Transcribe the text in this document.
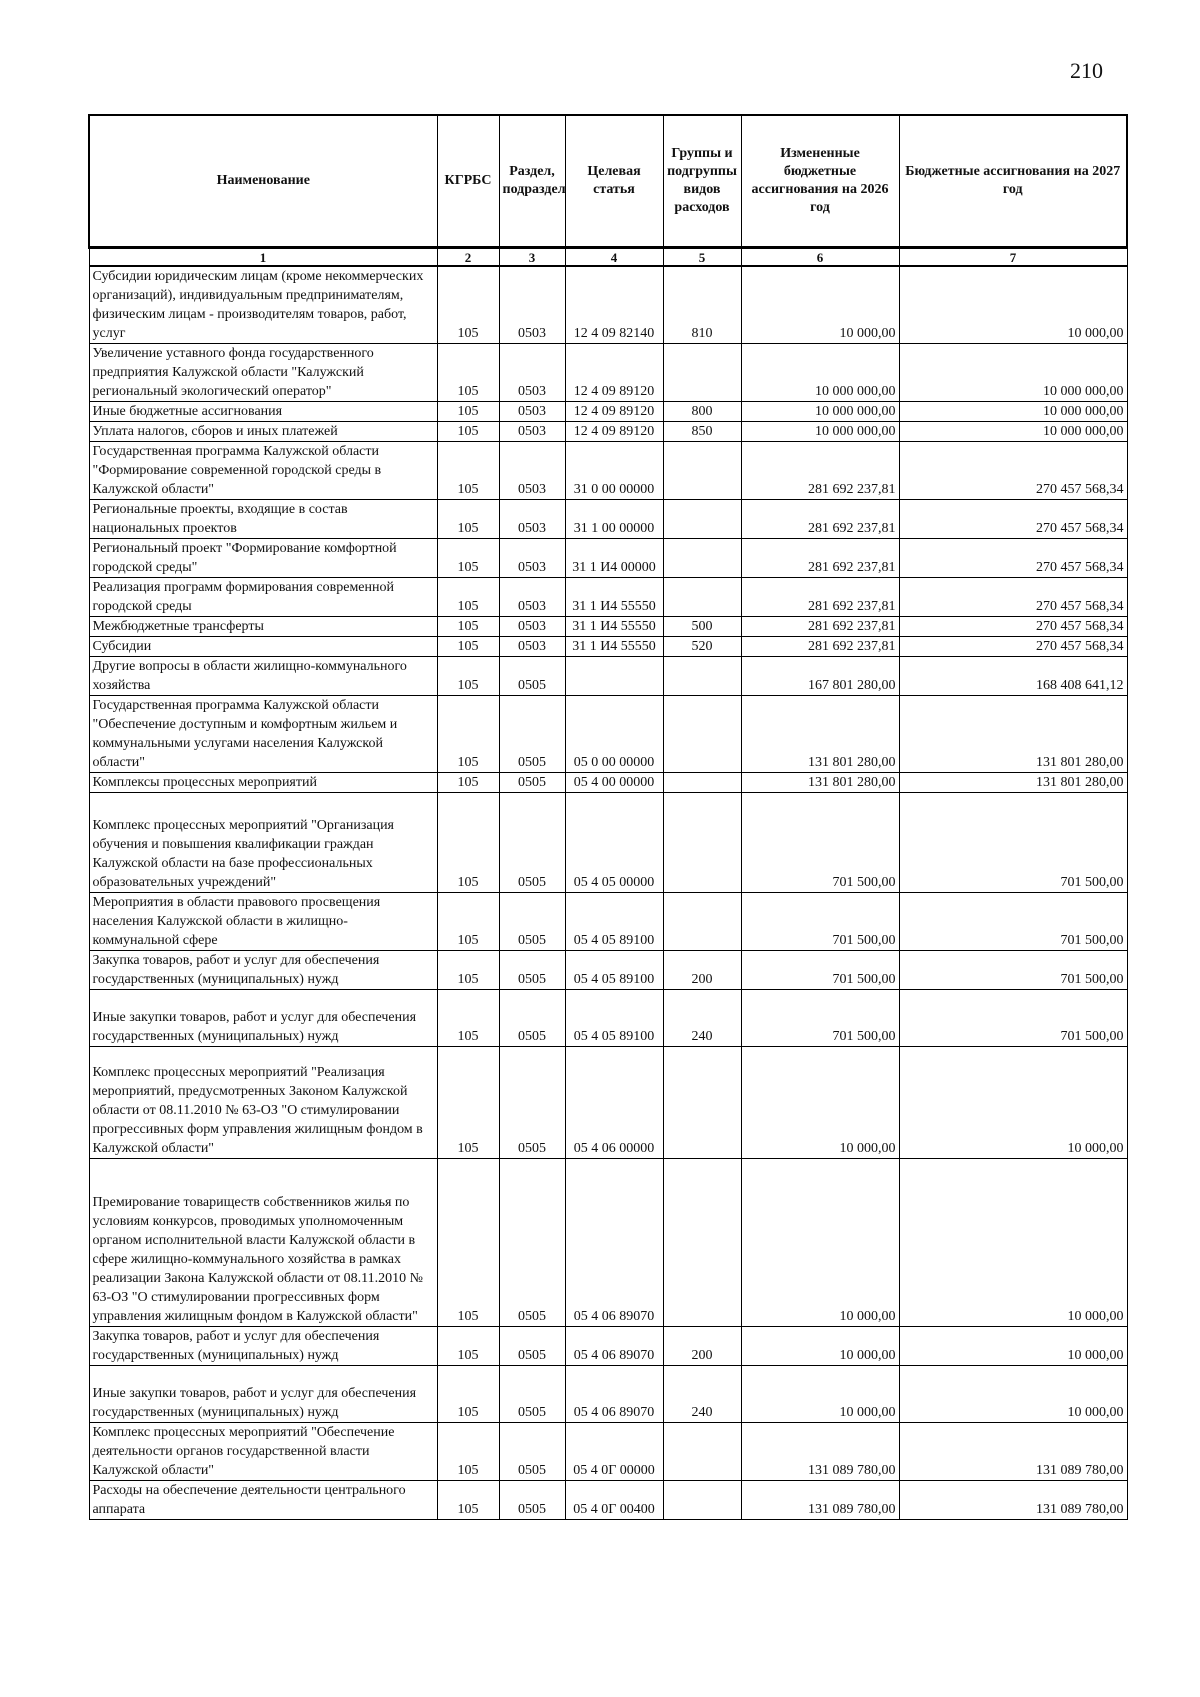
210
Наименование	КГРБС	Раздел, подраздел	Целевая статья	Группы и подгруппы видов расходов	Измененные бюджетные ассигнования на 2026 год	Бюджетные ассигнования на 2027 год
1	2	3	4	5	6	7
Субсидии юридическим лицам (кроме некоммерческих организаций), индивидуальным предпринимателям, физическим лицам - производителям товаров, работ, услуг	105	0503	12 4 09 82140	810	10 000,00	10 000,00
Увеличение уставного фонда государственного предприятия Калужской области "Калужский региональный экологический оператор"	105	0503	12 4 09 89120		10 000 000,00	10 000 000,00
Иные бюджетные ассигнования	105	0503	12 4 09 89120	800	10 000 000,00	10 000 000,00
Уплата налогов, сборов и иных платежей	105	0503	12 4 09 89120	850	10 000 000,00	10 000 000,00
Государственная программа Калужской области "Формирование современной городской среды в Калужской области"	105	0503	31 0 00 00000		281 692 237,81	270 457 568,34
Региональные проекты, входящие в состав национальных проектов	105	0503	31 1 00 00000		281 692 237,81	270 457 568,34
Региональный проект "Формирование комфортной городской среды"	105	0503	31 1 И4 00000		281 692 237,81	270 457 568,34
Реализация программ формирования современной городской среды	105	0503	31 1 И4 55550		281 692 237,81	270 457 568,34
Межбюджетные трансферты	105	0503	31 1 И4 55550	500	281 692 237,81	270 457 568,34
Субсидии	105	0503	31 1 И4 55550	520	281 692 237,81	270 457 568,34
Другие вопросы в области жилищно-коммунального хозяйства	105	0505			167 801 280,00	168 408 641,12
Государственная программа Калужской области "Обеспечение доступным и комфортным жильем и коммунальными услугами населения Калужской области"	105	0505	05 0 00 00000		131 801 280,00	131 801 280,00
Комплексы процессных мероприятий	105	0505	05 4 00 00000		131 801 280,00	131 801 280,00
Комплекс процессных мероприятий "Организация обучения и повышения квалификации граждан Калужской области на базе профессиональных образовательных учреждений"	105	0505	05 4 05 00000		701 500,00	701 500,00
Мероприятия в области правового просвещения населения Калужской области в жилищно-коммунальной сфере	105	0505	05 4 05 89100		701 500,00	701 500,00
Закупка товаров, работ и услуг для обеспечения государственных (муниципальных) нужд	105	0505	05 4 05 89100	200	701 500,00	701 500,00
Иные закупки товаров, работ и услуг для обеспечения государственных (муниципальных) нужд	105	0505	05 4 05 89100	240	701 500,00	701 500,00
Комплекс процессных мероприятий "Реализация мероприятий, предусмотренных Законом Калужской области от 08.11.2010 № 63-ОЗ "О стимулировании прогрессивных форм управления жилищным фондом в Калужской области"	105	0505	05 4 06 00000		10 000,00	10 000,00
Премирование товариществ собственников жилья по условиям конкурсов, проводимых уполномоченным органом исполнительной власти Калужской области в сфере жилищно-коммунального хозяйства в рамках реализации Закона Калужской области от 08.11.2010 № 63-ОЗ "О стимулировании прогрессивных форм управления жилищным фондом в Калужской области"	105	0505	05 4 06 89070		10 000,00	10 000,00
Закупка товаров, работ и услуг для обеспечения государственных (муниципальных) нужд	105	0505	05 4 06 89070	200	10 000,00	10 000,00
Иные закупки товаров, работ и услуг для обеспечения государственных (муниципальных) нужд	105	0505	05 4 06 89070	240	10 000,00	10 000,00
Комплекс процессных мероприятий "Обеспечение деятельности органов государственной власти Калужской области"	105	0505	05 4 0Г 00000		131 089 780,00	131 089 780,00
Расходы на обеспечение деятельности центрального аппарата	105	0505	05 4 0Г 00400		131 089 780,00	131 089 780,00
